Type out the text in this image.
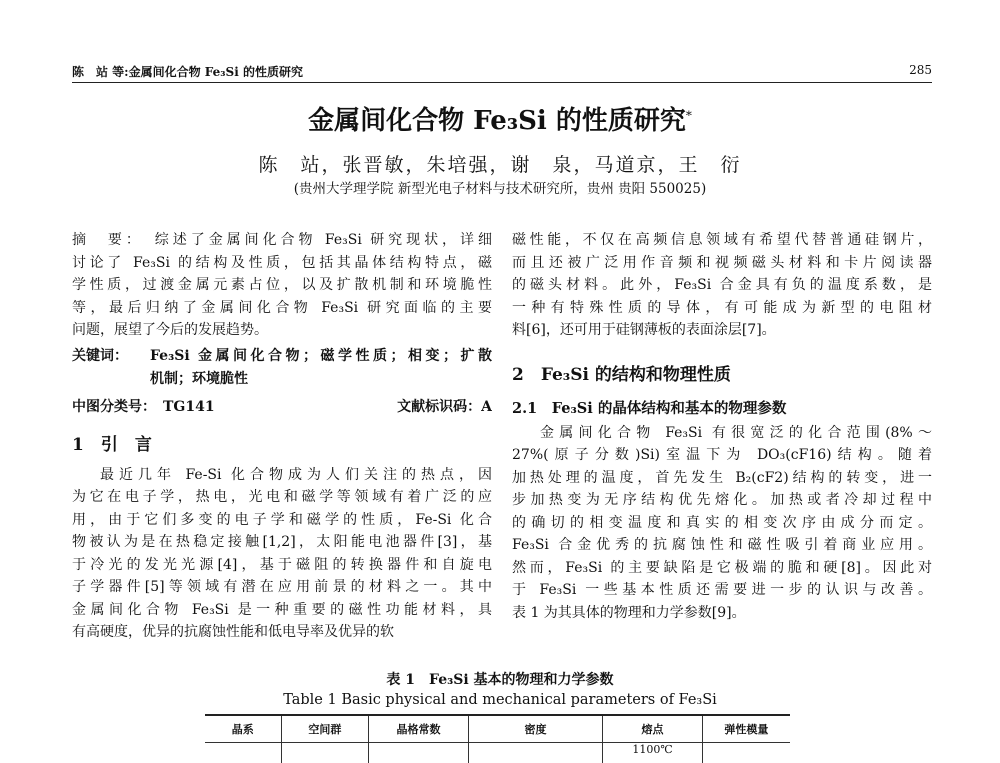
陈　站 等:金属间化合物 Fe₃Si 的性质研究	285
金属间化合物 Fe₃Si 的性质研究*
陈　站，张晋敏，朱培强，谢　泉，马道京，王　衍
(贵州大学理学院 新型光电子材料与技术研究所，贵州 贵阳 550025)
摘　要：　综述了金属间化合物 Fe₃Si 研究现状，详细
讨论了 Fe₃Si 的结构及性质，包括其晶体结构特点，磁
学性质，过渡金属元素占位，以及扩散机制和环境脆性
等，最后归纳了金属间化合物 Fe₃Si 研究面临的主要
问题，展望了今后的发展趋势。
关键词：	Fe₃Si 金属间化合物；磁学性质；相变；扩散
机制；环境脆性
中图分类号：　TG141	文献标识码：A
1　引　言
最近几年 Fe-Si 化合物成为人们关注的热点，因
为它在电子学，热电，光电和磁学等领域有着广泛的应
用，由于它们多变的电子学和磁学的性质，Fe-Si 化合
物被认为是在热稳定接触[1,2]，太阳能电池器件[3]，基
于冷光的发光光源[4]，基于磁阻的转换器件和自旋电
子学器件[5]等领域有潜在应用前景的材料之一。其中
金属间化合物 Fe₃Si 是一种重要的磁性功能材料，具
有高硬度，优异的抗腐蚀性能和低电导率及优异的软
磁性能，不仅在高频信息领域有希望代替普通硅钢片，
而且还被广泛用作音频和视频磁头材料和卡片阅读器
的磁头材料。此外，Fe₃Si 合金具有负的温度系数，是
一种有特殊性质的导体，有可能成为新型的电阻材
料[6]，还可用于硅钢薄板的表面涂层[7]。
2　Fe₃Si 的结构和物理性质
2.1　Fe₃Si 的晶体结构和基本的物理参数
金属间化合物 Fe₃Si 有很宽泛的化合范围(8%～
27%(原子分数)Si)室温下为 DO₃(cF16)结构。随着
加热处理的温度，首先发生 B₂(cF2)结构的转变，进一
步加热变为无序结构优先熔化。加热或者冷却过程中
的确切的相变温度和真实的相变次序由成分而定。
Fe₃Si 合金优秀的抗腐蚀性和磁性吸引着商业应用。
然而，Fe₃Si 的主要缺陷是它极端的脆和硬[8]。因此对
于 Fe₃Si 一些基本性质还需要进一步的认识与改善。
表 1 为其具体的物理和力学参数[9]。
表 1　Fe₃Si 基本的物理和力学参数
Table 1 Basic physical and mechanical parameters of Fe₃Si
晶系	空间群	晶格常数	密度	熔点	弹性模量
				1100℃	
